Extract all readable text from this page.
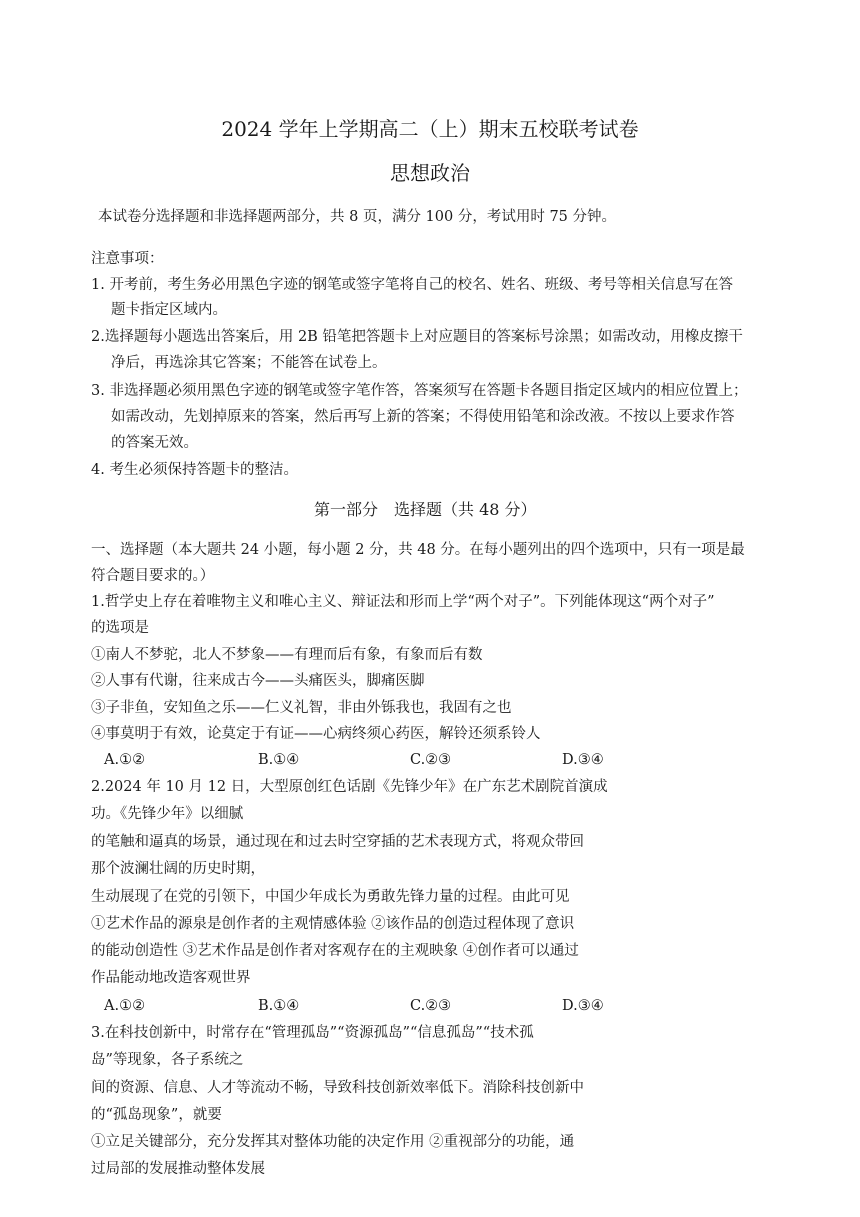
2024 学年上学期高二（上）期末五校联考试卷
思想政治
本试卷分选择题和非选择题两部分，共 8 页，满分 100 分，考试用时 75 分钟。
注意事项：
1. 开考前，考生务必用黑色字迹的钢笔或签字笔将自己的校名、姓名、班级、考号等相关信息写在答
题卡指定区域内。
2.选择题每小题选出答案后，用 2B 铅笔把答题卡上对应题目的答案标号涂黑；如需改动，用橡皮擦干
净后，再选涂其它答案；不能答在试卷上。
3. 非选择题必须用黑色字迹的钢笔或签字笔作答，答案须写在答题卡各题目指定区域内的相应位置上；
如需改动，先划掉原来的答案，然后再写上新的答案；不得使用铅笔和涂改液。不按以上要求作答
的答案无效。
4. 考生必须保持答题卡的整洁。
第一部分　选择题（共 48 分）
一、选择题（本大题共 24 小题，每小题 2 分，共 48 分。在每小题列出的四个选项中，只有一项是最
符合题目要求的。）
1.哲学史上存在着唯物主义和唯心主义、辩证法和形而上学“两个对子”。下列能体现这“两个对子”
的选项是
①南人不梦驼，北人不梦象——有理而后有象，有象而后有数
②人事有代谢，往来成古今——头痛医头，脚痛医脚
③子非鱼，安知鱼之乐——仁义礼智，非由外铄我也，我固有之也
④事莫明于有效，论莫定于有证——心病终须心药医，解铃还须系铃人
A.①②	B.①④	C.②③	D.③④
2.2024 年 10 月 12 日，大型原创红色话剧《先锋少年》在广东艺术剧院首演成
功。《先锋少年》以细腻
的笔触和逼真的场景，通过现在和过去时空穿插的艺术表现方式，将观众带回
那个波澜壮阔的历史时期，
生动展现了在党的引领下，中国少年成长为勇敢先锋力量的过程。由此可见
①艺术作品的源泉是创作者的主观情感体验 ②该作品的创造过程体现了意识
的能动创造性 ③艺术作品是创作者对客观存在的主观映象 ④创作者可以通过
作品能动地改造客观世界
A.①②	B.①④	C.②③	D.③④
3.在科技创新中，时常存在“管理孤岛”“资源孤岛”“信息孤岛”“技术孤
岛”等现象，各子系统之
间的资源、信息、人才等流动不畅，导致科技创新效率低下。消除科技创新中
的“孤岛现象”，就要
①立足关键部分，充分发挥其对整体功能的决定作用 ②重视部分的功能，通
过局部的发展推动整体发展
